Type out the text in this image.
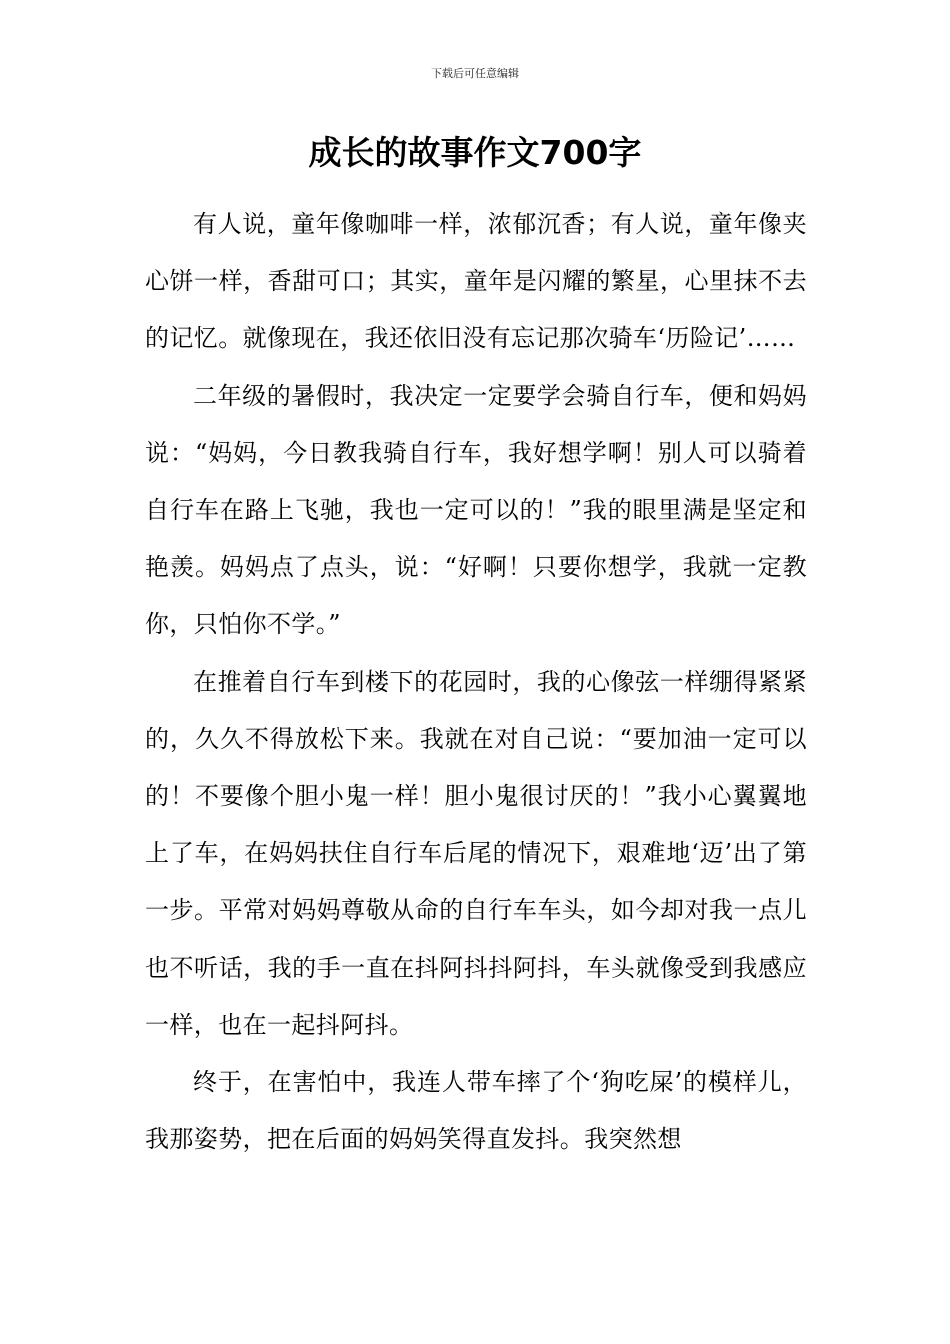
下载后可任意编辑
成长的故事作文700字

有人说，童年像咖啡一样，浓郁沉香；有人说，童年像夹心饼一样，香甜可口；其实，童年是闪耀的繁星，心里抹不去的记忆。就像现在，我还依旧没有忘记那次骑车‘历险记’……

二年级的暑假时，我决定一定要学会骑自行车，便和妈妈说：“妈妈，今日教我骑自行车，我好想学啊！别人可以骑着自行车在路上飞驰，我也一定可以的！”我的眼里满是坚定和艳羡。妈妈点了点头，说：“好啊！只要你想学，我就一定教你，只怕你不学。”

在推着自行车到楼下的花园时，我的心像弦一样绷得紧紧的，久久不得放松下来。我就在对自己说：“要加油一定可以的！不要像个胆小鬼一样！胆小鬼很讨厌的！”我小心翼翼地上了车，在妈妈扶住自行车后尾的情况下，艰难地‘迈’出了第一步。平常对妈妈尊敬从命的自行车车头，如今却对我一点儿也不听话，我的手一直在抖阿抖抖阿抖，车头就像受到我感应一样，也在一起抖阿抖。

终于，在害怕中，我连人带车摔了个‘狗吃屎’的模样儿，我那姿势，把在后面的妈妈笑得直发抖。我突然想
